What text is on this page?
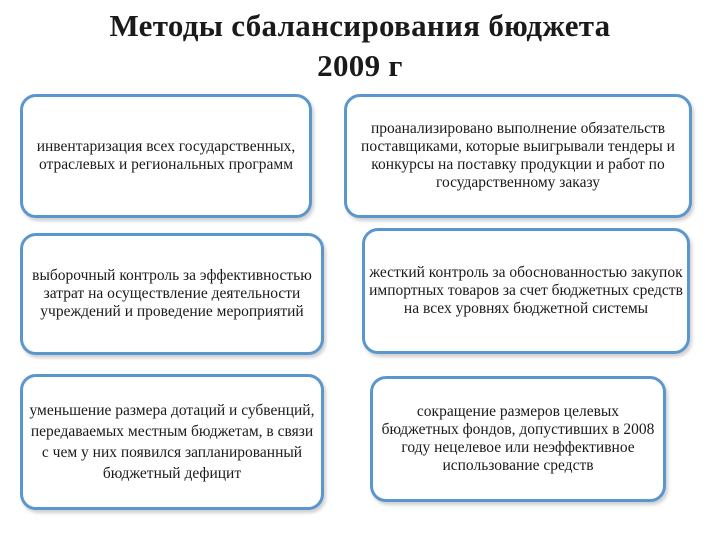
Методы сбалансирования бюджета
2009 г
инвентаризация всех государственных, отраслевых и региональных программ
проанализировано выполнение обязательств поставщиками, которые выигрывали тендеры и конкурсы на поставку продукции и работ по государственному заказу
выборочный контроль за эффективностью затрат на осуществление деятельности учреждений и проведение мероприятий
жесткий контроль за обоснованностью закупок импортных товаров за счет бюджетных средств на всех уровнях бюджетной системы
уменьшение размера дотаций и субвенций, передаваемых местным бюджетам, в связи с чем у них появился запланированный бюджетный дефицит
сокращение размеров целевых бюджетных фондов, допустивших в 2008 году нецелевое или неэффективное использование средств
